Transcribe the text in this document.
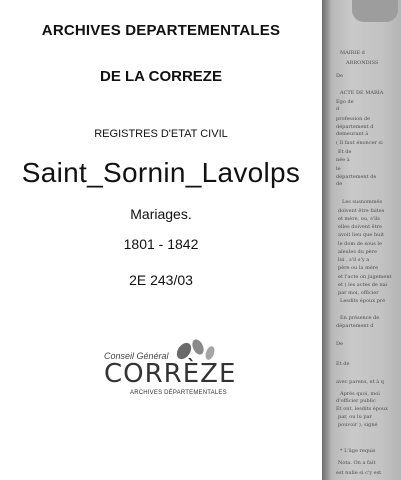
ARCHIVES DEPARTEMENTALES
DE LA CORREZE
REGISTRES D'ETAT CIVIL
Saint_Sornin_Lavolps
Mariages.
1801 - 1842
2E 243/03
Conseil Général
CORRÈZE
ARCHIVES DÉPARTEMENTALES
MAIRIE d
ARRONDISS
De
ACTE DE MARIA
Ego de
d
profession de
département d
demeurant à
( Il faut énoncer si
Et de
née à
le
département de
de
Les susnommés
doivent être faites
et mère, ou, s'ils
elles doivent être
avoit lieu que huit
le dom de sous le
aïeules du père
lui , s'il s'y a
père ou la mère
et l'acte on jugement
et ( les actes de nai
par moi, officier
Lesdits époux pré
En présence de
département d
De
Et de
avec parens, et à q
Après quoi, moi
d'officier public
Et ont, lesdits époux
par, ou lu par
pouvoir ), signé
* L'âge requis
Nota. On a fait
est nulle si c'y est
